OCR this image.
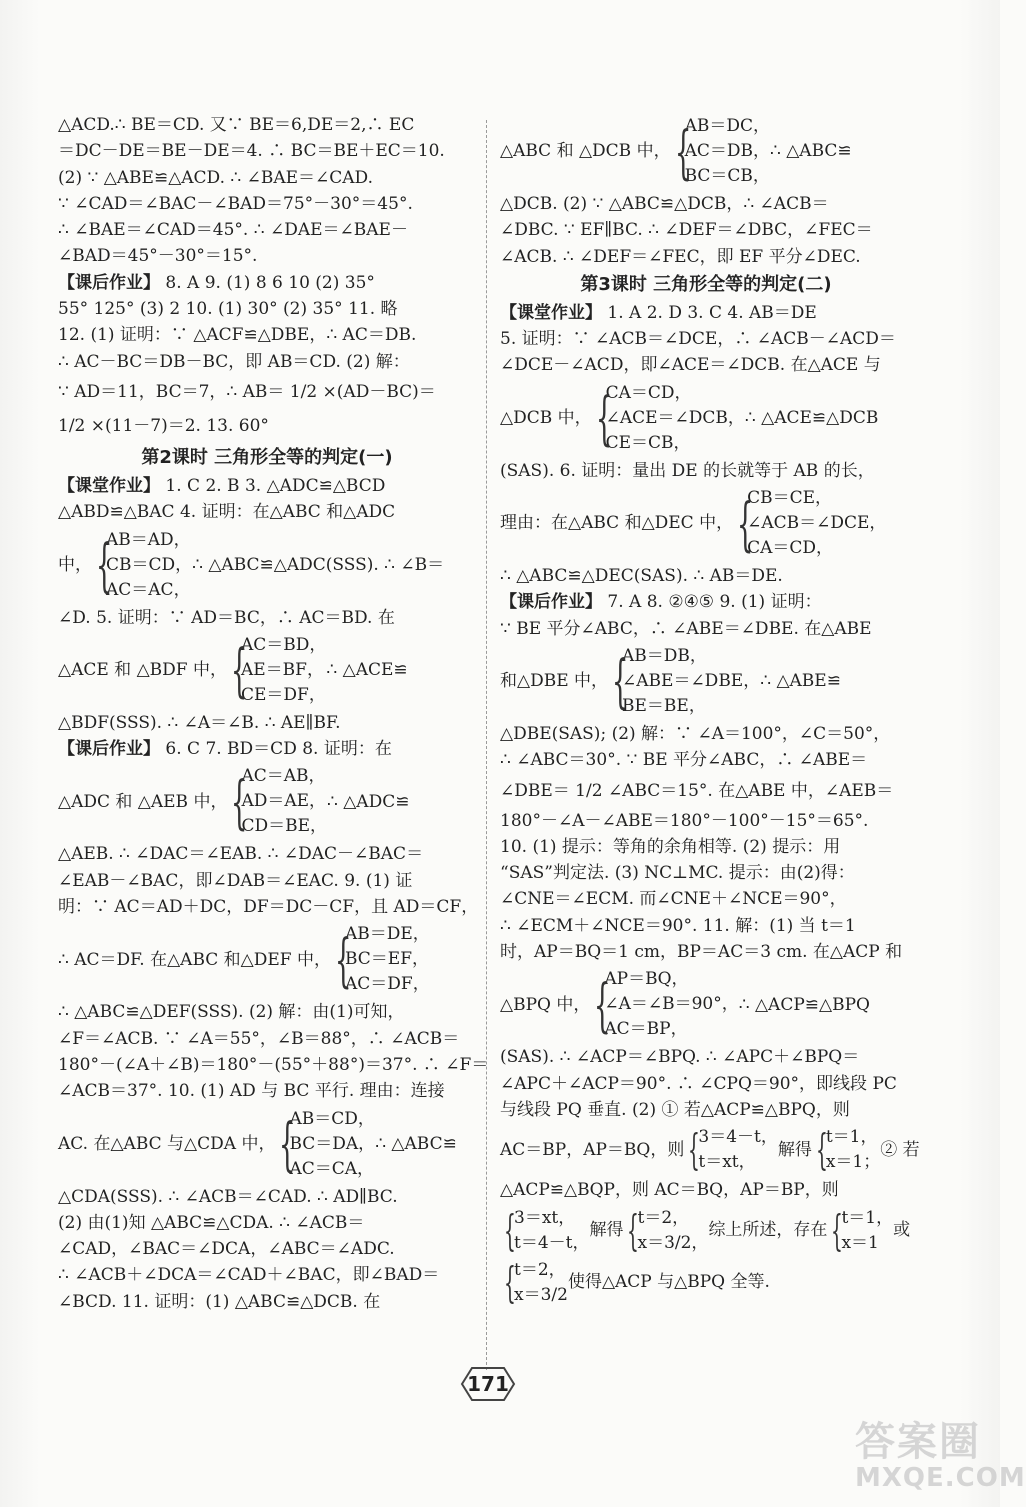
△ACD.∴ BE＝CD. 又∵ BE＝6,DE＝2,∴ EC
＝DC－DE＝BE－DE＝4. ∴ BC＝BE＋EC＝10.
(2) ∵ △ABE≌△ACD. ∴ ∠BAE＝∠CAD.
∵ ∠CAD＝∠BAC－∠BAD＝75°－30°＝45°.
∴ ∠BAE＝∠CAD＝45°. ∴ ∠DAE＝∠BAE－
∠BAD＝45°－30°＝15°.
【课后作业】 8. A 9. (1) 8 6 10 (2) 35°
55° 125° (3) 2 10. (1) 30° (2) 35° 11. 略
12. (1) 证明：∵ △ACF≌△DBE，∴ AC＝DB.
∴ AC－BC＝DB－BC，即 AB＝CD. (2) 解：
∵ AD＝11，BC＝7，∴ AB＝ 1/2 ×(AD－BC)＝
1/2 ×(11－7)＝2. 13. 60°
第2课时 三角形全等的判定(一)
【课堂作业】 1. C 2. B 3. △ADC≌△BCD
△ABD≌△BAC 4. 证明：在△ABC 和△ADC
中， {
AB＝AD，
CB＝CD，
AC＝AC，
∴ △ABC≌△ADC(SSS). ∴ ∠B＝
∠D. 5. 证明：∵ AD＝BC，∴ AC＝BD. 在
△ACE 和 △BDF 中， {
AC＝BD，
AE＝BF，
CE＝DF，
∴ △ACE≌
△BDF(SSS). ∴ ∠A＝∠B. ∴ AE∥BF.
【课后作业】 6. C 7. BD＝CD 8. 证明：在
△ADC 和 △AEB 中， {
AC＝AB，
AD＝AE，
CD＝BE，
∴ △ADC≌
△AEB. ∴ ∠DAC＝∠EAB. ∴ ∠DAC－∠BAC＝
∠EAB－∠BAC，即∠DAB＝∠EAC. 9. (1) 证
明：∵ AC＝AD＋DC，DF＝DC－CF，且 AD＝CF，
∴ AC＝DF. 在△ABC 和△DEF 中， {
AB＝DE，
BC＝EF，
AC＝DF，
∴ △ABC≌△DEF(SSS). (2) 解：由(1)可知，
∠F＝∠ACB. ∵ ∠A＝55°，∠B＝88°，∴ ∠ACB＝
180°－(∠A＋∠B)＝180°－(55°＋88°)＝37°. ∴ ∠F＝
∠ACB＝37°. 10. (1) AD 与 BC 平行. 理由：连接
AC. 在△ABC 与△CDA 中， {
AB＝CD，
BC＝DA，
AC＝CA，
∴ △ABC≌
△CDA(SSS). ∴ ∠ACB＝∠CAD. ∴ AD∥BC.
(2) 由(1)知 △ABC≌△CDA. ∴ ∠ACB＝
∠CAD，∠BAC＝∠DCA，∠ABC＝∠ADC.
∴ ∠ACB＋∠DCA＝∠CAD＋∠BAC，即∠BAD＝
∠BCD. 11. 证明：(1) △ABC≌△DCB. 在
△ABC 和 △DCB 中， {
AB＝DC，
AC＝DB，
BC＝CB，
∴ △ABC≌
△DCB. (2) ∵ △ABC≌△DCB，∴ ∠ACB＝
∠DBC. ∵ EF∥BC. ∴ ∠DEF＝∠DBC，∠FEC＝
∠ACB. ∴ ∠DEF＝∠FEC，即 EF 平分∠DEC.
第3课时 三角形全等的判定(二)
【课堂作业】 1. A 2. D 3. C 4. AB＝DE
5. 证明：∵ ∠ACB＝∠DCE，∴ ∠ACB－∠ACD＝
∠DCE－∠ACD，即∠ACE＝∠DCB. 在△ACE 与
△DCB 中， {
CA＝CD，
∠ACE＝∠DCB，
CE＝CB，
∴ △ACE≌△DCB
(SAS). 6. 证明：量出 DE 的长就等于 AB 的长，
理由：在△ABC 和△DEC 中， {
CB＝CE，
∠ACB＝∠DCE，
CA＝CD，
∴ △ABC≌△DEC(SAS). ∴ AB＝DE.
【课后作业】 7. A 8. ②④⑤ 9. (1) 证明：
∵ BE 平分∠ABC，∴ ∠ABE＝∠DBE. 在△ABE
和△DBE 中， {
AB＝DB，
∠ABE＝∠DBE，
BE＝BE，
∴ △ABE≌
△DBE(SAS); (2) 解：∵ ∠A＝100°，∠C＝50°，
∴ ∠ABC＝30°. ∵ BE 平分∠ABC，∴ ∠ABE＝
∠DBE＝ 1/2 ∠ABC＝15°. 在△ABE 中，∠AEB＝
180°－∠A－∠ABE＝180°－100°－15°＝65°.
10. (1) 提示：等角的余角相等. (2) 提示：用
“SAS”判定法. (3) NC⊥MC. 提示：由(2)得：
∠CNE＝∠ECM. 而∠CNE＋∠NCE＝90°，
∴ ∠ECM＋∠NCE＝90°. 11. 解：(1) 当 t＝1
时，AP＝BQ＝1 cm，BP＝AC＝3 cm. 在△ACP 和
△BPQ 中， {
AP＝BQ，
∠A＝∠B＝90°，
AC＝BP，
∴ △ACP≌△BPQ
(SAS). ∴ ∠ACP＝∠BPQ. ∴ ∠APC＋∠BPQ＝
∠APC＋∠ACP＝90°. ∴ ∠CPQ＝90°，即线段 PC
与线段 PQ 垂直. (2) ① 若△ACP≌△BPQ，则
AC＝BP，AP＝BQ，则 {
3＝4－t，
t＝xt，
解得 {
t＝1，
x＝1；
② 若
△ACP≌△BQP，则 AC＝BQ，AP＝BP，则
{
3＝xt，
t＝4－t，
解得 {
t＝2，
x＝3/2，
综上所述，存在 {
t＝1，
x＝1
或
{
t＝2，
x＝3/2
使得△ACP 与△BPQ 全等.
171
答案圈
MXQE.COM
